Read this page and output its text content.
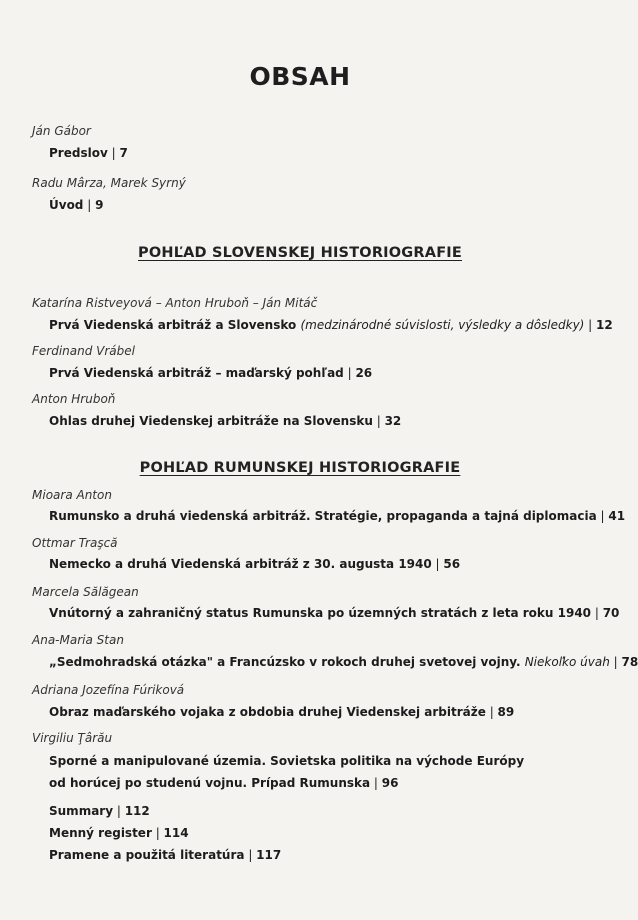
OBSAH
Ján Gábor
Predslov | 7
Radu Mârza, Marek Syrný
Úvod | 9
POHĽAD SLOVENSKEJ HISTORIOGRAFIE
Katarína Ristveyová – Anton Hruboň – Ján Mitáč
Prvá Viedenská arbitráž a Slovensko (medzinárodné súvislosti, výsledky a dôsledky) | 12
Ferdinand Vrábel
Prvá Viedenská arbitráž – maďarský pohľad | 26
Anton Hruboň
Ohlas druhej Viedenskej arbitráže na Slovensku | 32
POHĽAD RUMUNSKEJ HISTORIOGRAFIE
Mioara Anton
Rumunsko a druhá viedenská arbitráž. Stratégie, propaganda a tajná diplomacia | 41
Ottmar Traşcă
Nemecko a druhá Viedenská arbitráž z 30. augusta 1940 | 56
Marcela Sălăgean
Vnútorný a zahraničný status Rumunska po územných stratách z leta roku 1940 | 70
Ana-Maria Stan
„Sedmohradská otázka" a Francúzsko v rokoch druhej svetovej vojny. Niekoľko úvah | 78
Adriana Jozefína Fúriková
Obraz maďarského vojaka z obdobia druhej Viedenskej arbitráže | 89
Virgiliu Ţârău
Sporné a manipulované územia. Sovietska politika na východe Európy
od horúcej po studenú vojnu. Prípad Rumunska | 96
Summary | 112
Menný register | 114
Pramene a použitá literatúra | 117
